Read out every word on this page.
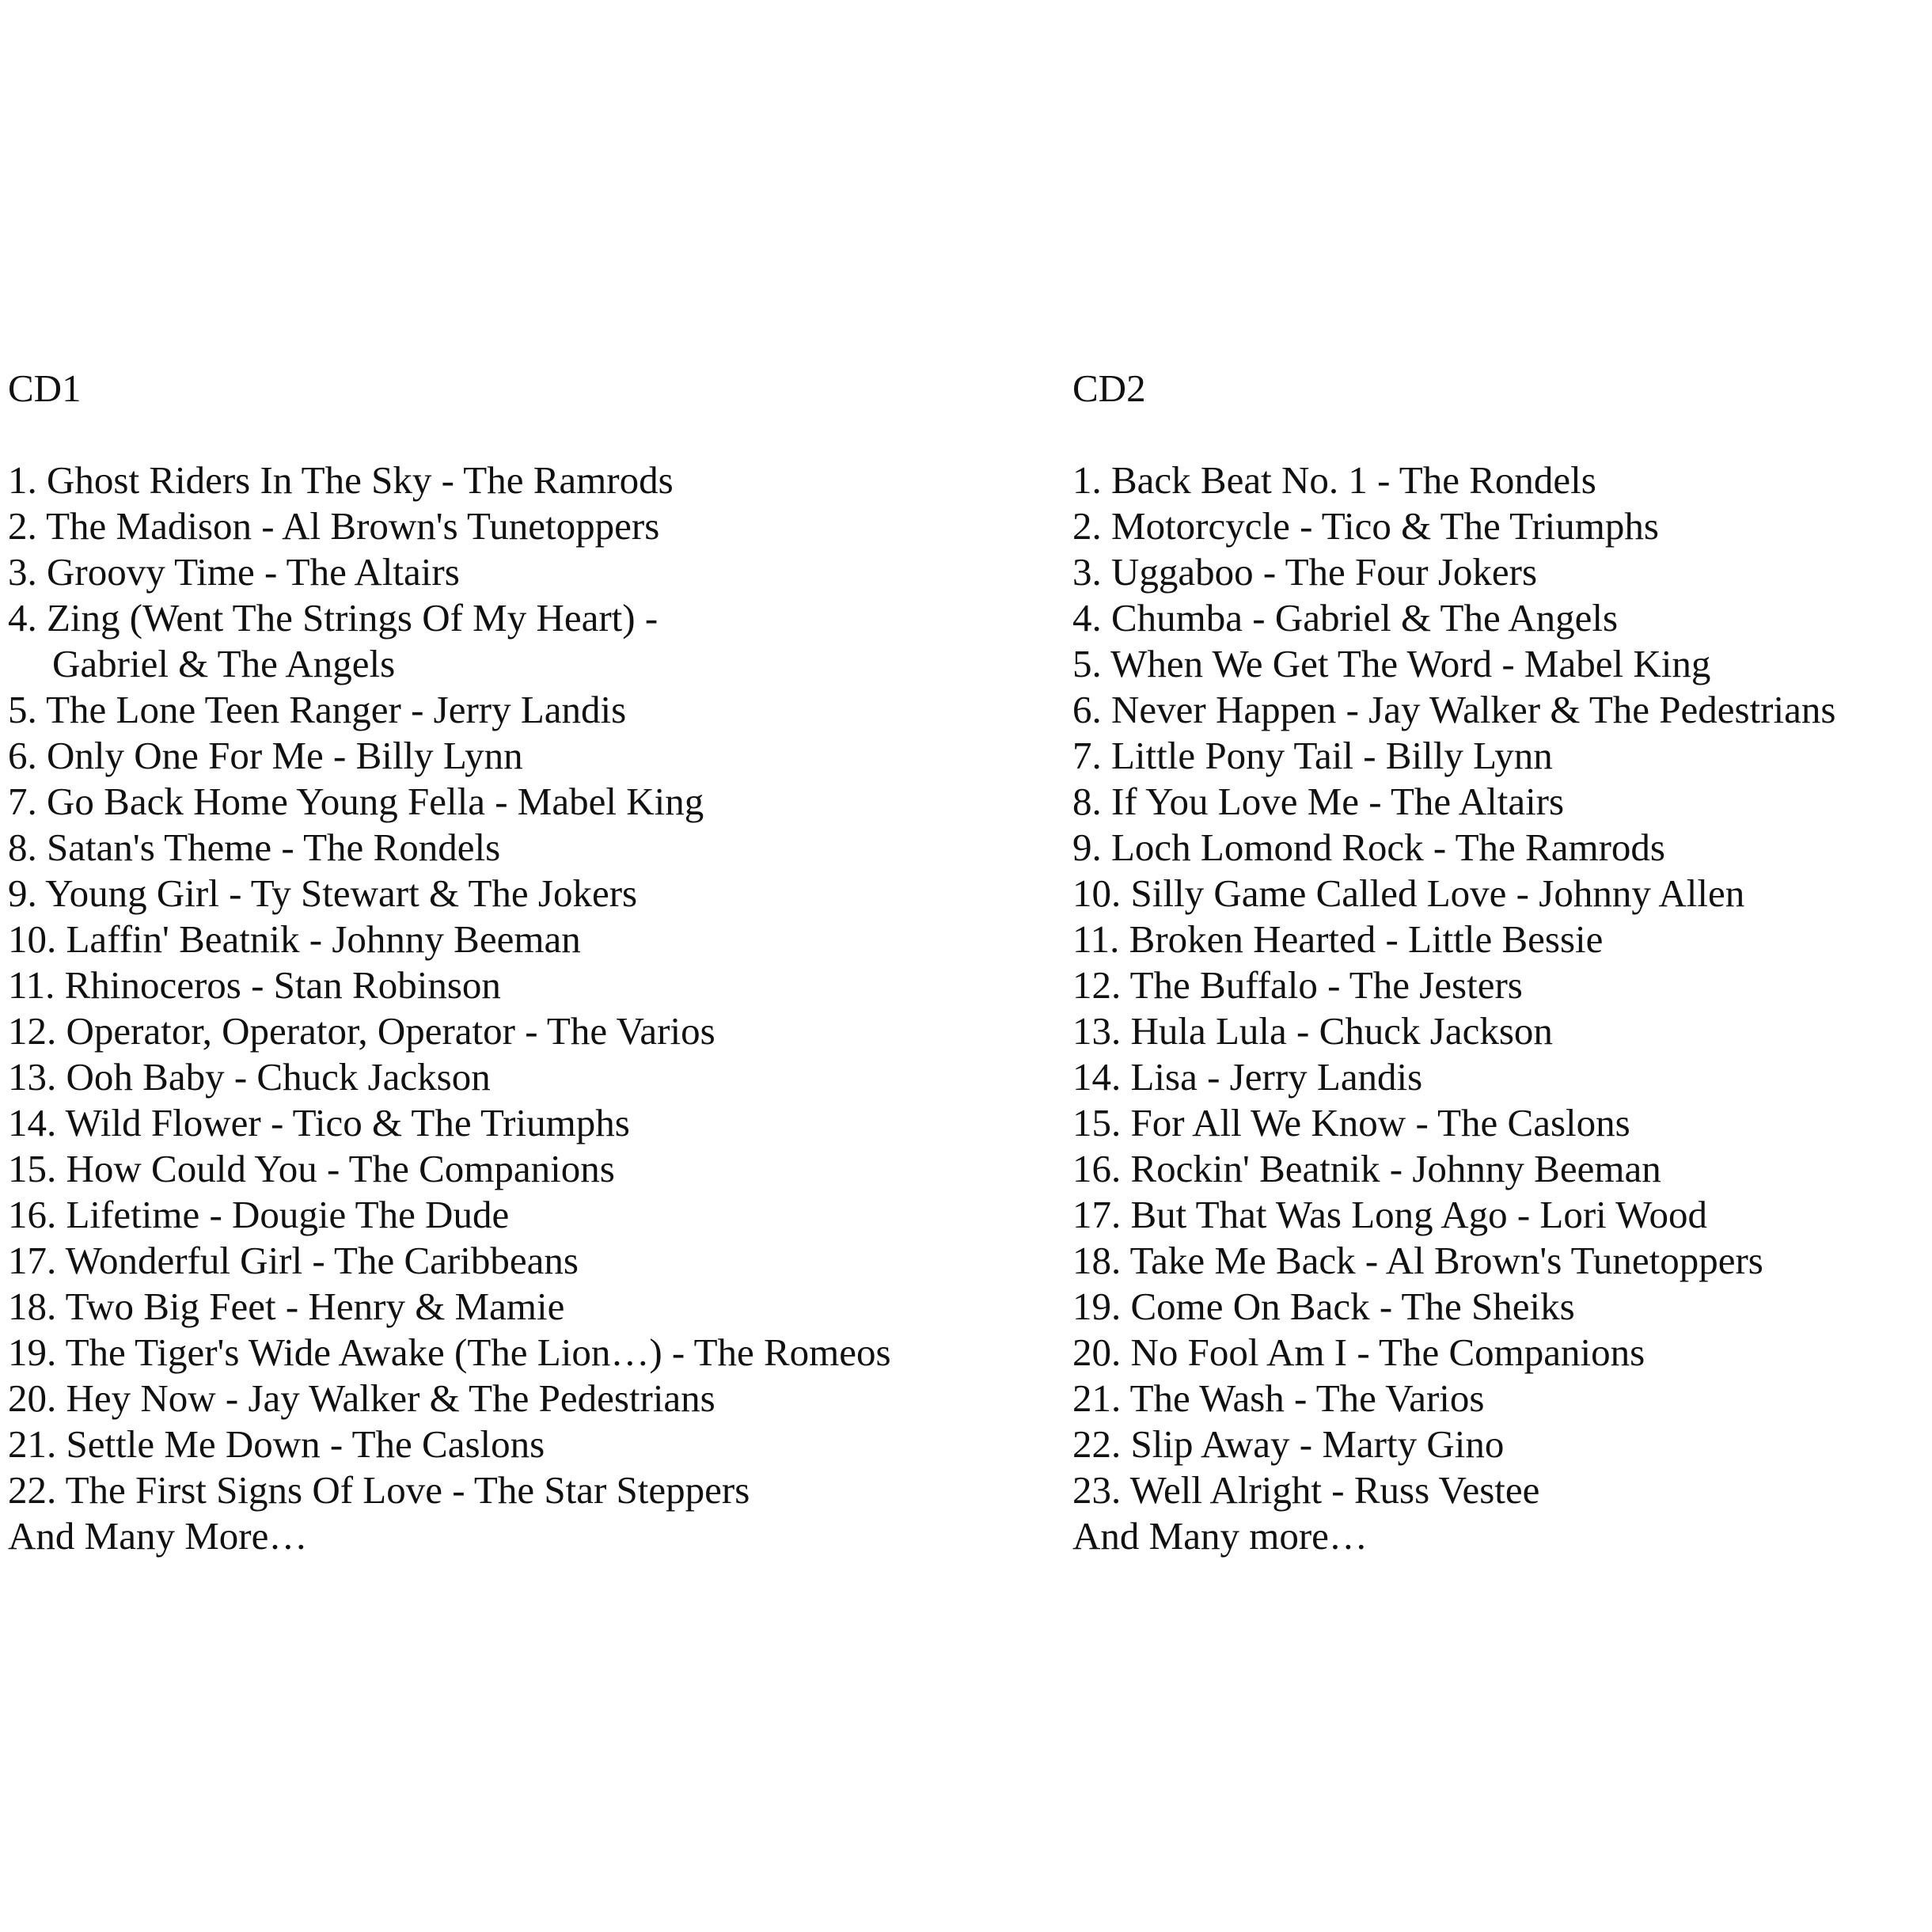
CD1
1. Ghost Riders In The Sky - The Ramrods
2. The Madison - Al Brown's Tunetoppers
3. Groovy Time - The Altairs
4. Zing (Went The Strings Of My Heart) -
Gabriel & The Angels
5. The Lone Teen Ranger - Jerry Landis
6. Only One For Me - Billy Lynn
7. Go Back Home Young Fella - Mabel King
8. Satan's Theme - The Rondels
9. Young Girl - Ty Stewart & The Jokers
10. Laffin' Beatnik - Johnny Beeman
11. Rhinoceros - Stan Robinson
12. Operator, Operator, Operator - The Varios
13. Ooh Baby - Chuck Jackson
14. Wild Flower - Tico & The Triumphs
15. How Could You - The Companions
16. Lifetime - Dougie The Dude
17. Wonderful Girl - The Caribbeans
18. Two Big Feet - Henry & Mamie
19. The Tiger's Wide Awake (The Lion…) - The Romeos
20. Hey Now - Jay Walker & The Pedestrians
21. Settle Me Down - The Caslons
22. The First Signs Of Love - The Star Steppers
And Many More…
CD2
1. Back Beat No. 1 - The Rondels
2. Motorcycle - Tico & The Triumphs
3. Uggaboo - The Four Jokers
4. Chumba - Gabriel & The Angels
5. When We Get The Word - Mabel King
6. Never Happen - Jay Walker & The Pedestrians
7. Little Pony Tail - Billy Lynn
8. If You Love Me - The Altairs
9. Loch Lomond Rock - The Ramrods
10. Silly Game Called Love - Johnny Allen
11. Broken Hearted - Little Bessie
12. The Buffalo - The Jesters
13. Hula Lula - Chuck Jackson
14. Lisa - Jerry Landis
15. For All We Know - The Caslons
16. Rockin' Beatnik - Johnny Beeman
17. But That Was Long Ago - Lori Wood
18. Take Me Back - Al Brown's Tunetoppers
19. Come On Back - The Sheiks
20. No Fool Am I - The Companions
21. The Wash - The Varios
22. Slip Away - Marty Gino
23. Well Alright - Russ Vestee
And Many more…
